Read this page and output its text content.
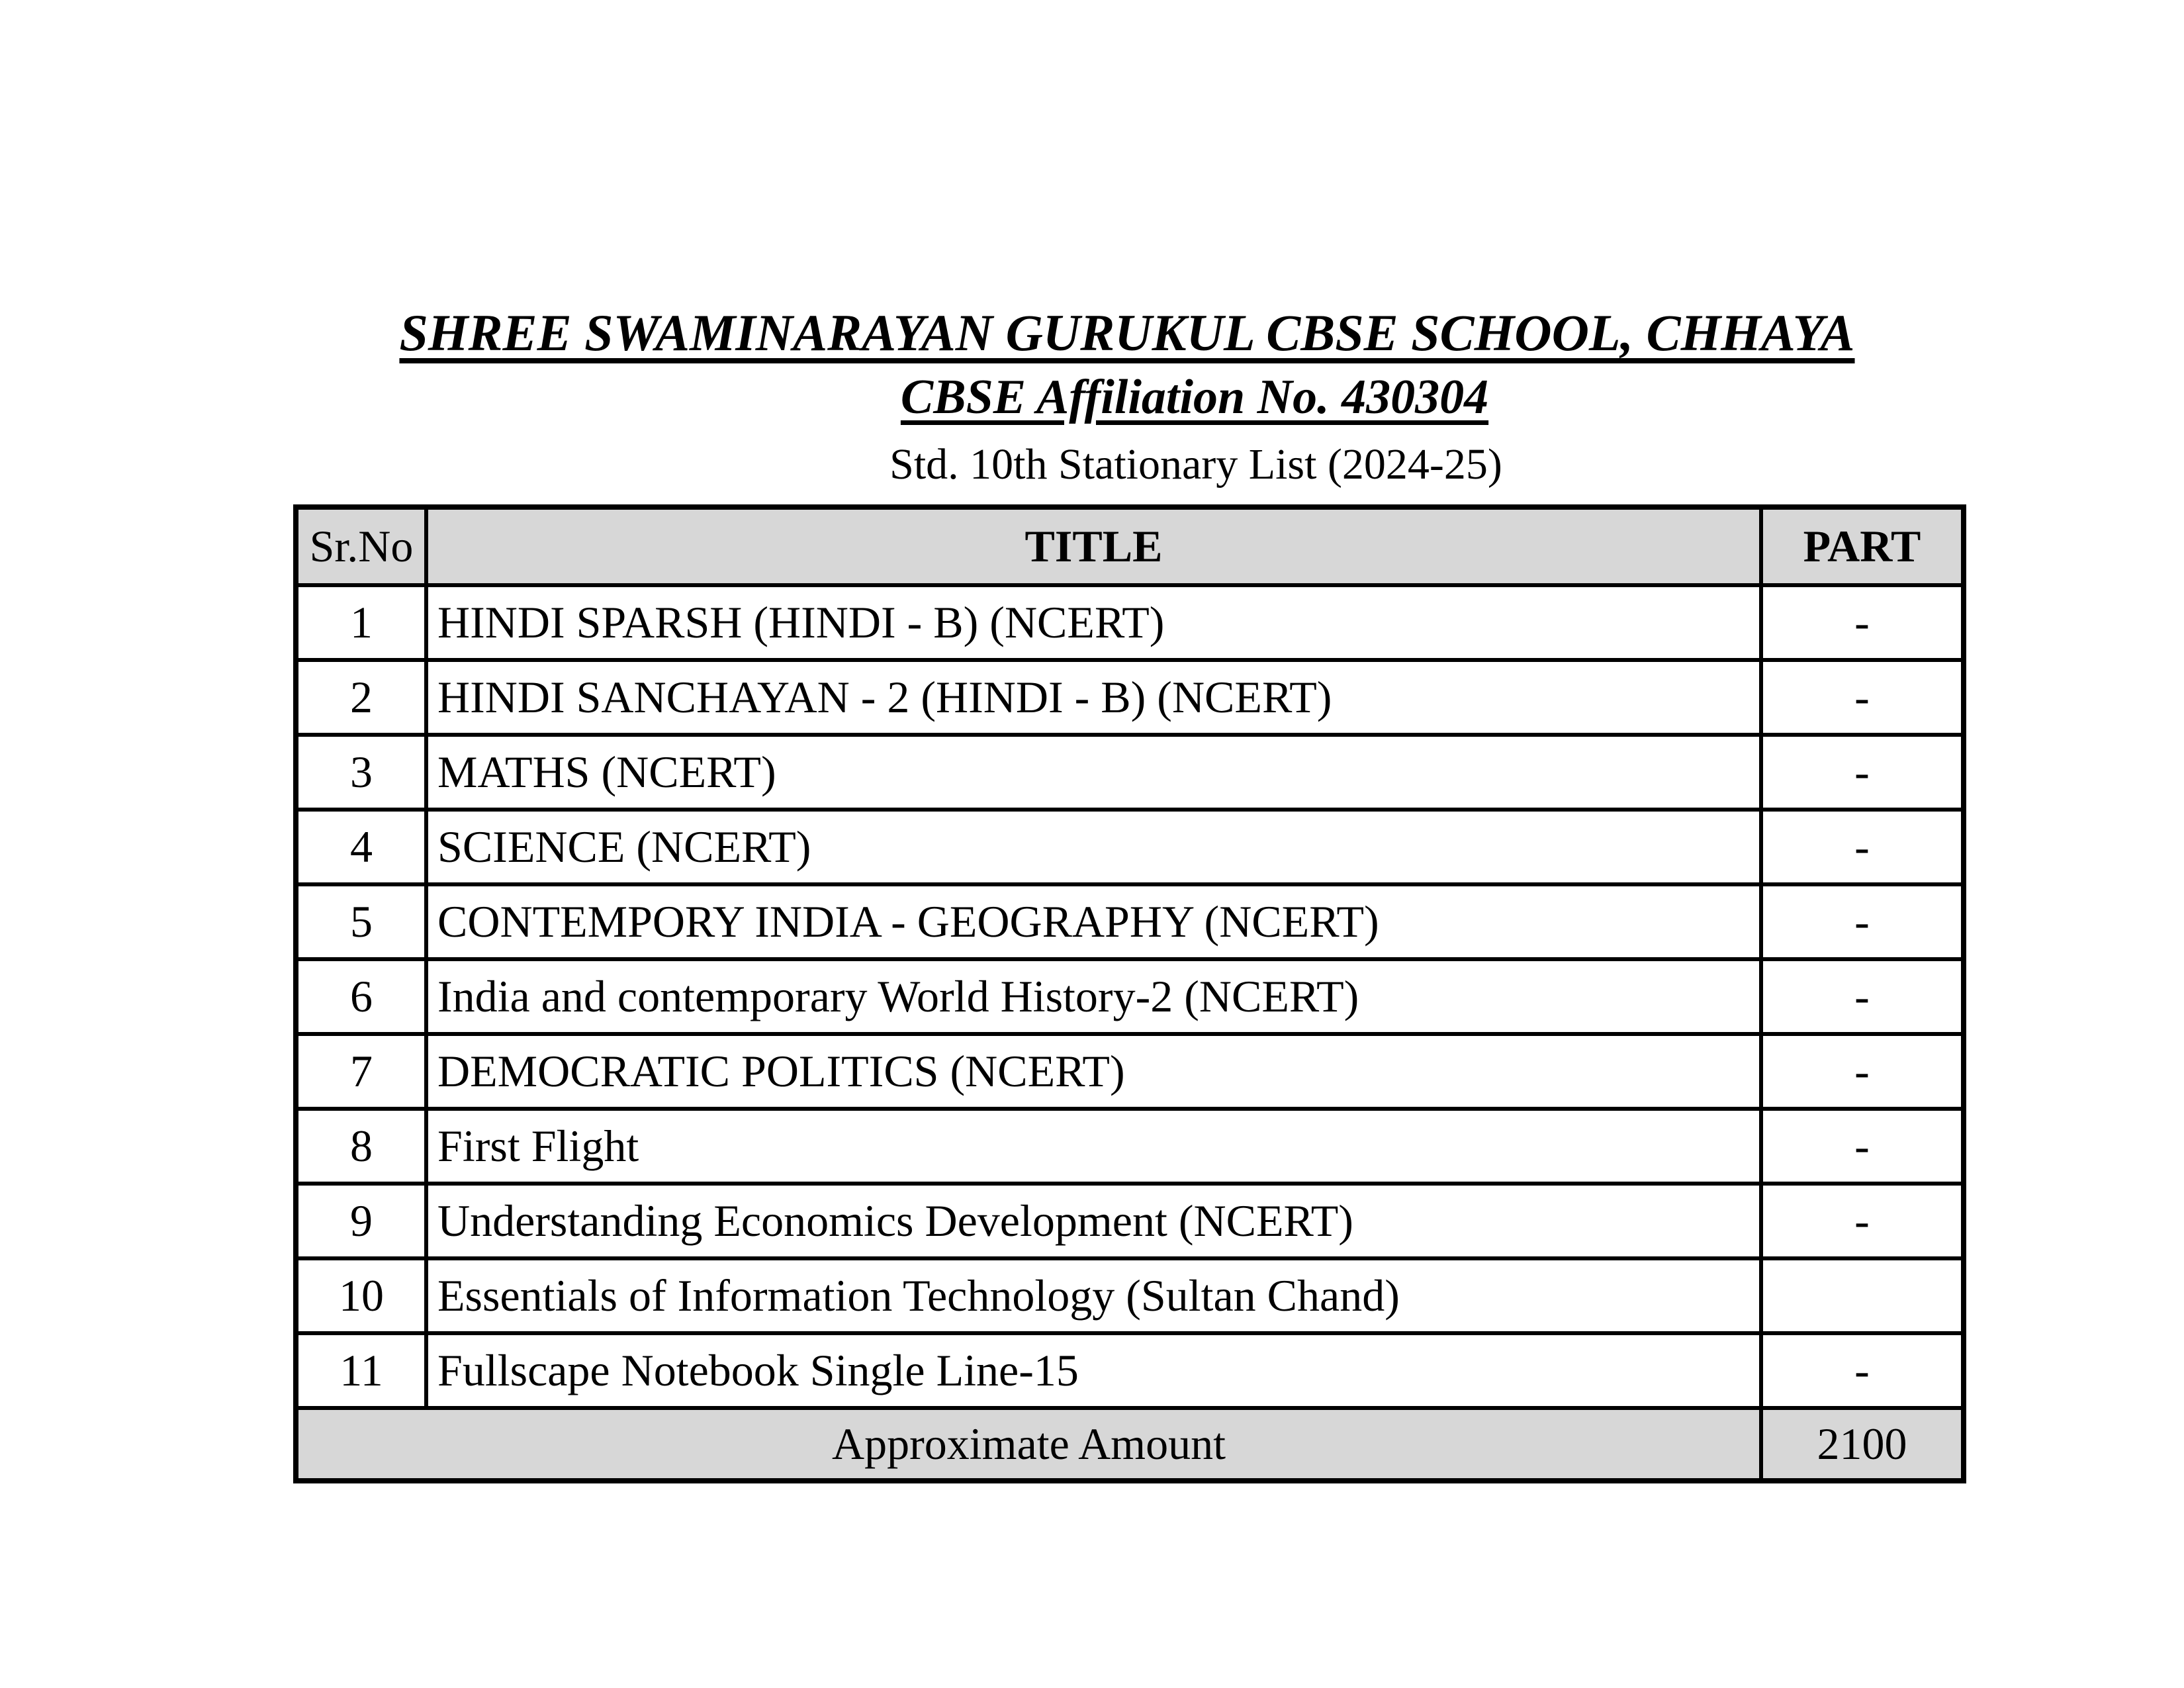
SHREE SWAMINARAYAN GURUKUL CBSE SCHOOL, CHHAYA
CBSE Affiliation No. 430304
Std. 10th Stationary List (2024-25)
Sr.No	TITLE	PART
1	HINDI SPARSH (HINDI - B) (NCERT)	-
2	HINDI SANCHAYAN - 2 (HINDI - B) (NCERT)	-
3	MATHS (NCERT)	-
4	SCIENCE (NCERT)	-
5	CONTEMPORY INDIA - GEOGRAPHY (NCERT)	-
6	India and contemporary World History-2 (NCERT)	-
7	DEMOCRATIC POLITICS (NCERT)	-
8	First Flight	-
9	Understanding Economics Development (NCERT)	-
10	Essentials of Information Technology (Sultan Chand)	
11	Fullscape Notebook Single Line-15	-
Approximate Amount		2100
